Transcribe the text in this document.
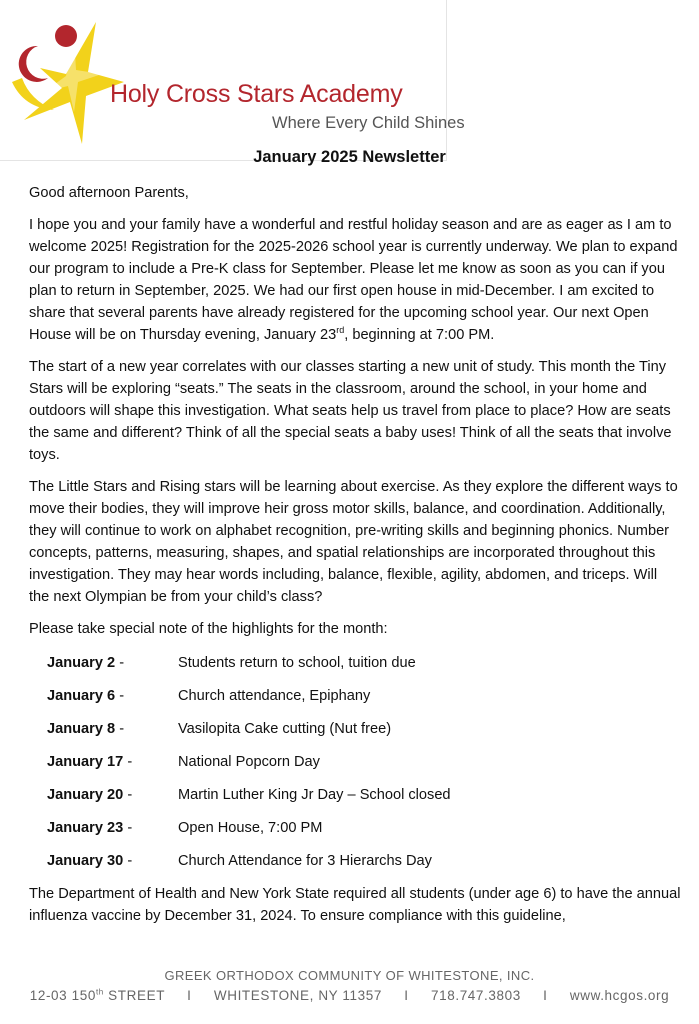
Holy Cross Stars Academy
Where Every Child Shines
January 2025 Newsletter

Good afternoon Parents,

I hope you and your family have a wonderful and restful holiday season and are as eager as I am to welcome 2025! Registration for the 2025-2026 school year is currently underway. We plan to expand our program to include a Pre-K class for September. Please let me know as soon as you can if you plan to return in September, 2025. We had our first open house in mid-December. I am excited to share that several parents have already registered for the upcoming school year. Our next Open House will be on Thursday evening, January 23rd, beginning at 7:00 PM.

The start of a new year correlates with our classes starting a new unit of study. This month the Tiny Stars will be exploring “seats.” The seats in the classroom, around the school, in your home and outdoors will shape this investigation. What seats help us travel from place to place? How are seats the same and different? Think of all the special seats a baby uses! Think of all the seats that involve toys.

The Little Stars and Rising stars will be learning about exercise. As they explore the different ways to move their bodies, they will improve heir gross motor skills, balance, and coordination. Additionally, they will continue to work on alphabet recognition, pre-writing skills and beginning phonics. Number concepts, patterns, measuring, shapes, and spatial relationships are incorporated throughout this investigation. They may hear words including, balance, flexible, agility, abdomen, and triceps. Will the next Olympian be from your child’s class?

Please take special note of the highlights for the month:

January 2 -	Students return to school, tuition due
January 6 -	Church attendance, Epiphany
January 8 -	Vasilopita Cake cutting (Nut free)
January 17 -	National Popcorn Day
January 20 -	Martin Luther King Jr Day – School closed
January 23 -	Open House, 7:00 PM
January 30 -	Church Attendance for 3 Hierarchs Day

The Department of Health and New York State required all students (under age 6) to have the annual influenza vaccine by December 31, 2024. To ensure compliance with this guideline,

GREEK ORTHODOX COMMUNITY OF WHITESTONE, INC.
12-03 150th STREET I WHITESTONE, NY 11357 I 718.747.3803 I www.hcgos.org
